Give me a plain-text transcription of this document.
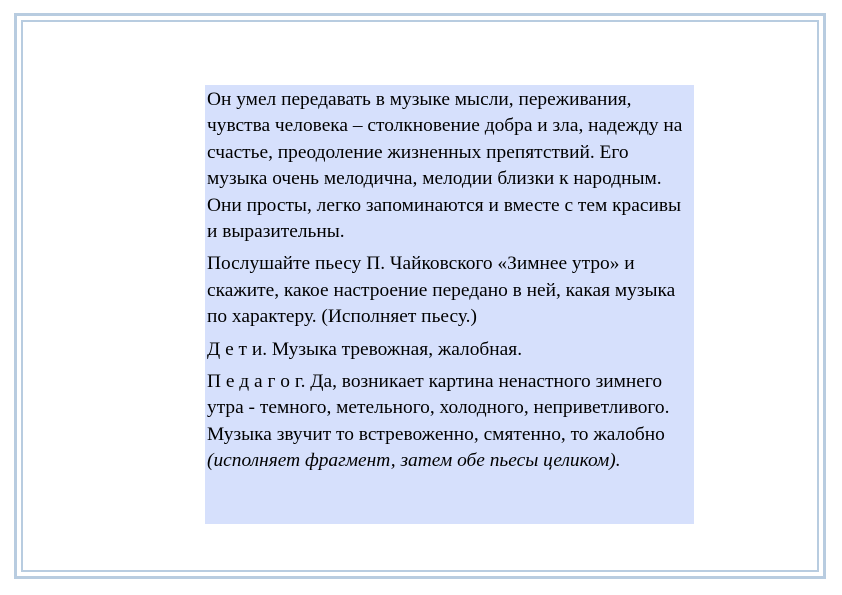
Он умел передавать в музыке мысли, переживания, чувства человека – столкновение добра и зла, надежду на счастье, преодоление жизненных препятствий. Его музыка очень мелодична, мелодии близки к народным. Они просты, легко запоминаются и вместе с тем красивы и выразительны.

Послушайте пьесу П. Чайковского «Зимнее утро» и скажите, какое настроение передано в ней, какая музыка по характеру. (Исполняет пьесу.)

Д е т и. Музыка тревожная, жалобная.

П е д а г о г. Да, возникает картина ненастного зимнего утра - темного, метельного, холодного, неприветливого. Музыка звучит то встревоженно, смятенно, то жалобно (исполняет фрагмент, затем обе пьесы целиком).
